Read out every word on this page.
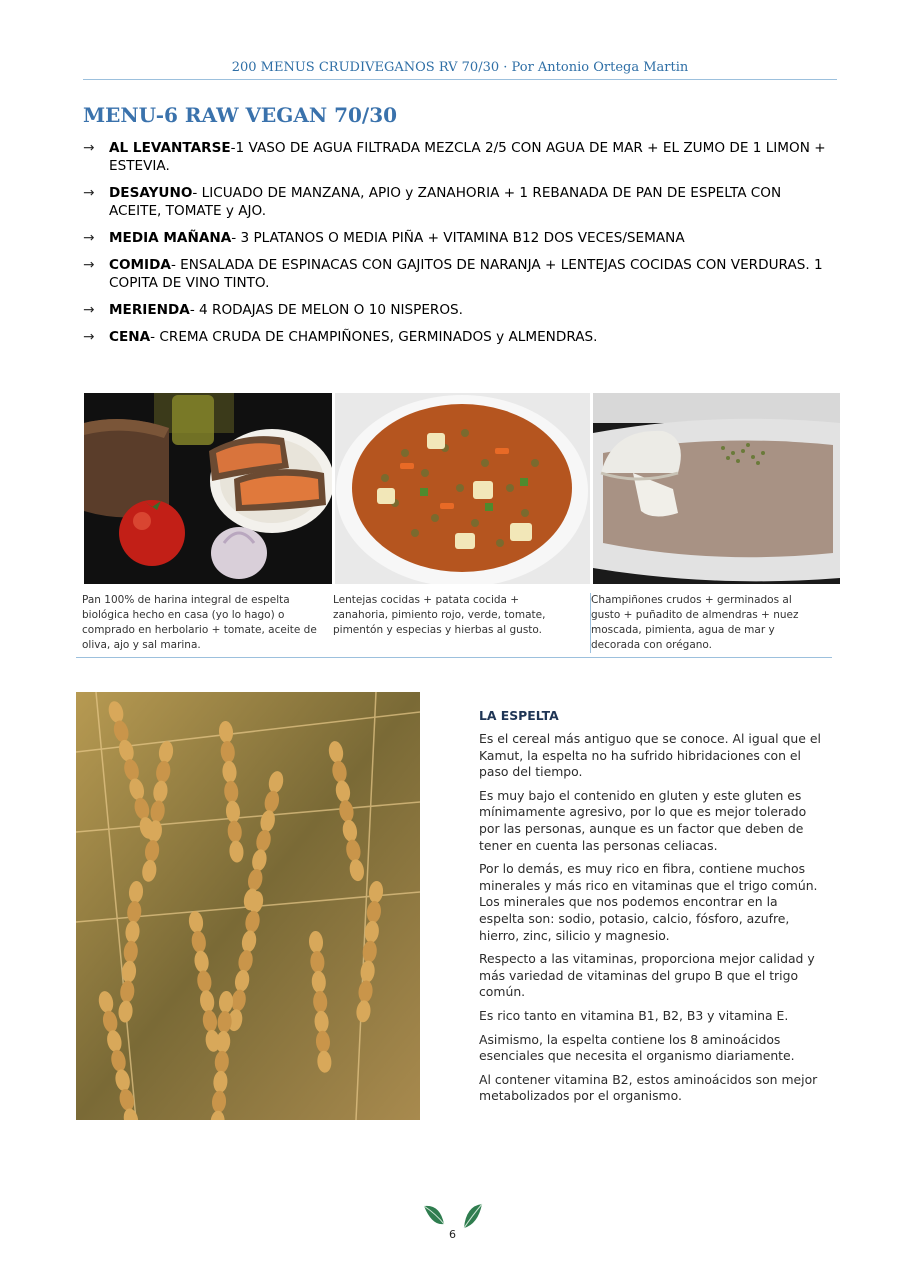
200 MENUS CRUDIVEGANOS RV 70/30 · Por Antonio Ortega Martin
MENU-6 RAW VEGAN 70/30
→	AL LEVANTARSE-1 VASO DE AGUA FILTRADA MEZCLA 2/5 CON AGUA DE MAR + EL ZUMO DE 1 LIMON + ESTEVIA.
→	DESAYUNO- LICUADO DE MANZANA, APIO y ZANAHORIA + 1 REBANADA DE PAN DE ESPELTA CON ACEITE, TOMATE y AJO.
→	MEDIA MAÑANA- 3 PLATANOS O MEDIA PIÑA + VITAMINA B12 DOS VECES/SEMANA
→	COMIDA- ENSALADA DE ESPINACAS CON GAJITOS DE NARANJA + LENTEJAS COCIDAS CON VERDURAS. 1 COPITA DE VINO TINTO.
→	MERIENDA- 4 RODAJAS DE MELON O 10 NISPEROS.
→	CENA- CREMA CRUDA DE CHAMPIÑONES, GERMINADOS y ALMENDRAS.
Pan 100% de harina integral de espelta biológica hecho en casa (yo lo hago) o comprado en herbolario + tomate, aceite de oliva, ajo y sal marina.
Lentejas cocidas + patata cocida + zanahoria, pimiento rojo, verde, tomate, pimentón y especias y hierbas al gusto.
Champiñones crudos + germinados al gusto + puñadito de almendras + nuez moscada, pimienta, agua de mar y decorada con orégano.
LA ESPELTA

Es el cereal más antiguo que se conoce. Al igual que el Kamut, la espelta no ha sufrido hibridaciones con el paso del tiempo.

Es muy bajo el contenido en gluten y este gluten es mínimamente agresivo, por lo que es mejor tolerado por las personas, aunque es un factor que deben de tener en cuenta las personas celiacas.

Por lo demás, es muy rico en fibra, contiene muchos minerales y más rico en vitaminas que el trigo común. Los minerales que nos podemos encontrar en la espelta son: sodio, potasio, calcio, fósforo, azufre, hierro, zinc, silicio y magnesio.

Respecto a las vitaminas, proporciona mejor calidad y más variedad de vitaminas del grupo B que el trigo común.

Es rico tanto en vitamina B1, B2, B3 y vitamina E.

Asimismo, la espelta contiene los 8 aminoácidos esenciales que necesita el organismo diariamente.

Al contener vitamina B2, estos aminoácidos son mejor metabolizados por el organismo.

6
